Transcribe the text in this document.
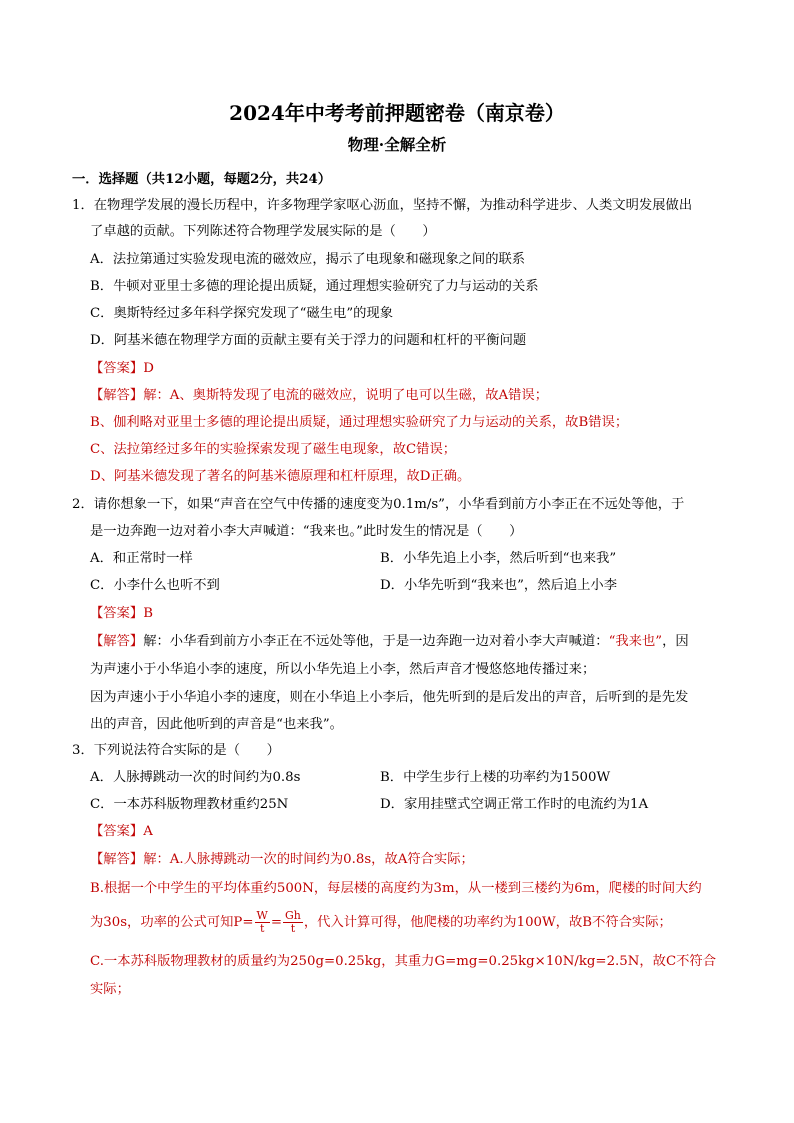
2024年中考考前押题密卷（南京卷）
物理·全解全析
一．选择题（共12小题，每题2分，共24）
1．在物理学发展的漫长历程中，许多物理学家呕心沥血，坚持不懈，为推动科学进步、人类文明发展做出
了卓越的贡献。下列陈述符合物理学发展实际的是（　　）
A．法拉第通过实验发现电流的磁效应，揭示了电现象和磁现象之间的联系
B．牛顿对亚里士多德的理论提出质疑，通过理想实验研究了力与运动的关系
C．奥斯特经过多年科学探究发现了“磁生电”的现象
D．阿基米德在物理学方面的贡献主要有关于浮力的问题和杠杆的平衡问题
【答案】D
【解答】解：A、奥斯特发现了电流的磁效应，说明了电可以生磁，故A错误；
B、伽利略对亚里士多德的理论提出质疑，通过理想实验研究了力与运动的关系，故B错误；
C、法拉第经过多年的实验探索发现了磁生电现象，故C错误；
D、阿基米德发现了著名的阿基米德原理和杠杆原理，故D正确。
2．请你想象一下，如果“声音在空气中传播的速度变为0.1m/s”，小华看到前方小李正在不远处等他，于
是一边奔跑一边对着小李大声喊道：“我来也。”此时发生的情况是（　　）
A．和正常时一样	B．小华先追上小李，然后听到“也来我”
C．小李什么也听不到	D．小华先听到“我来也”，然后追上小李
【答案】B
【解答】解：小华看到前方小李正在不远处等他，于是一边奔跑一边对着小李大声喊道：“我来也”，因
为声速小于小华追小李的速度，所以小华先追上小李，然后声音才慢悠悠地传播过来；
因为声速小于小华追小李的速度，则在小华追上小李后，他先听到的是后发出的声音，后听到的是先发
出的声音，因此他听到的声音是“也来我”。
3．下列说法符合实际的是（　　）
A．人脉搏跳动一次的时间约为0.8s	B．中学生步行上楼的功率约为1500W
C．一本苏科版物理教材重约25N	D．家用挂壁式空调正常工作时的电流约为1A
【答案】A
【解答】解：A.人脉搏跳动一次的时间约为0.8s，故A符合实际；
B.根据一个中学生的平均体重约500N，每层楼的高度约为3m，从一楼到三楼约为6m，爬楼的时间大约
为30s，功率的公式可知$P= \frac{W}{t} = \frac{Gh}{t}$ ，代入计算可得，他爬楼的功率约为100W，故B不符合实际；
C.一本苏科版物理教材的质量约为250g=0.25kg，其重力G=mg=0.25kg×10N/kg=2.5N，故C不符合
实际；
